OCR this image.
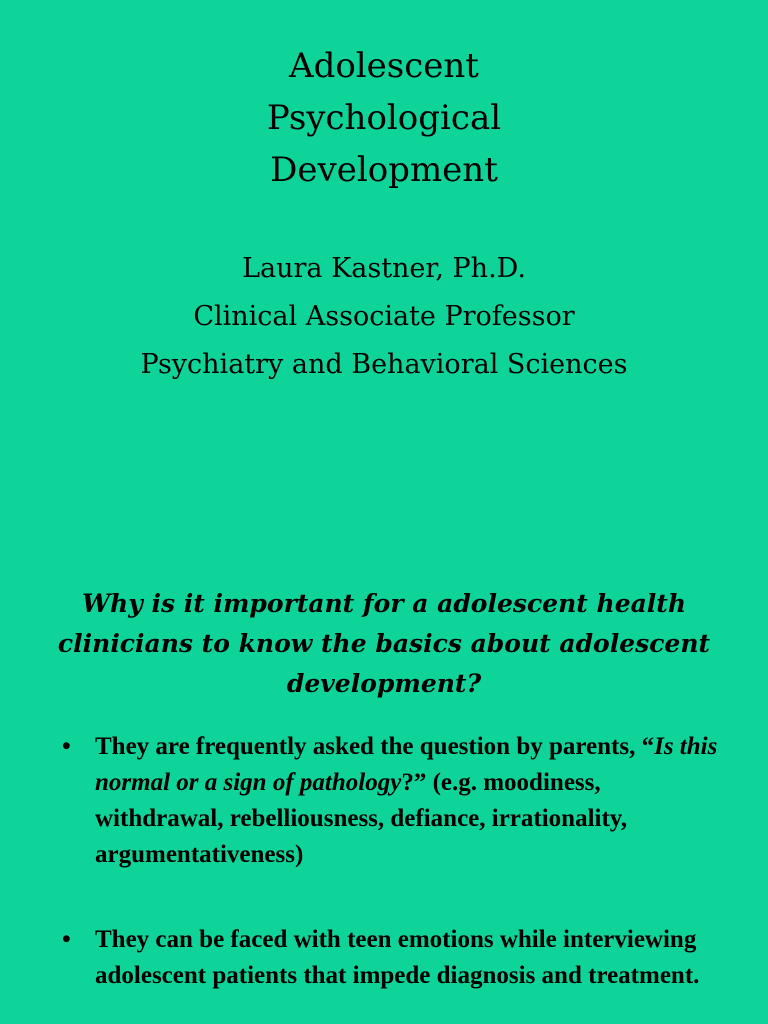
Adolescent
Psychological
Development
Laura Kastner, Ph.D.
Clinical Associate Professor
Psychiatry and Behavioral Sciences
Why is it important for a adolescent health clinicians to know the basics about adolescent development?
• They are frequently asked the question by parents, “Is this normal or a sign of pathology?” (e.g. moodiness, withdrawal, rebelliousness, defiance, irrationality, argumentativeness)
• They can be faced with teen emotions while interviewing adolescent patients that impede diagnosis and treatment.
